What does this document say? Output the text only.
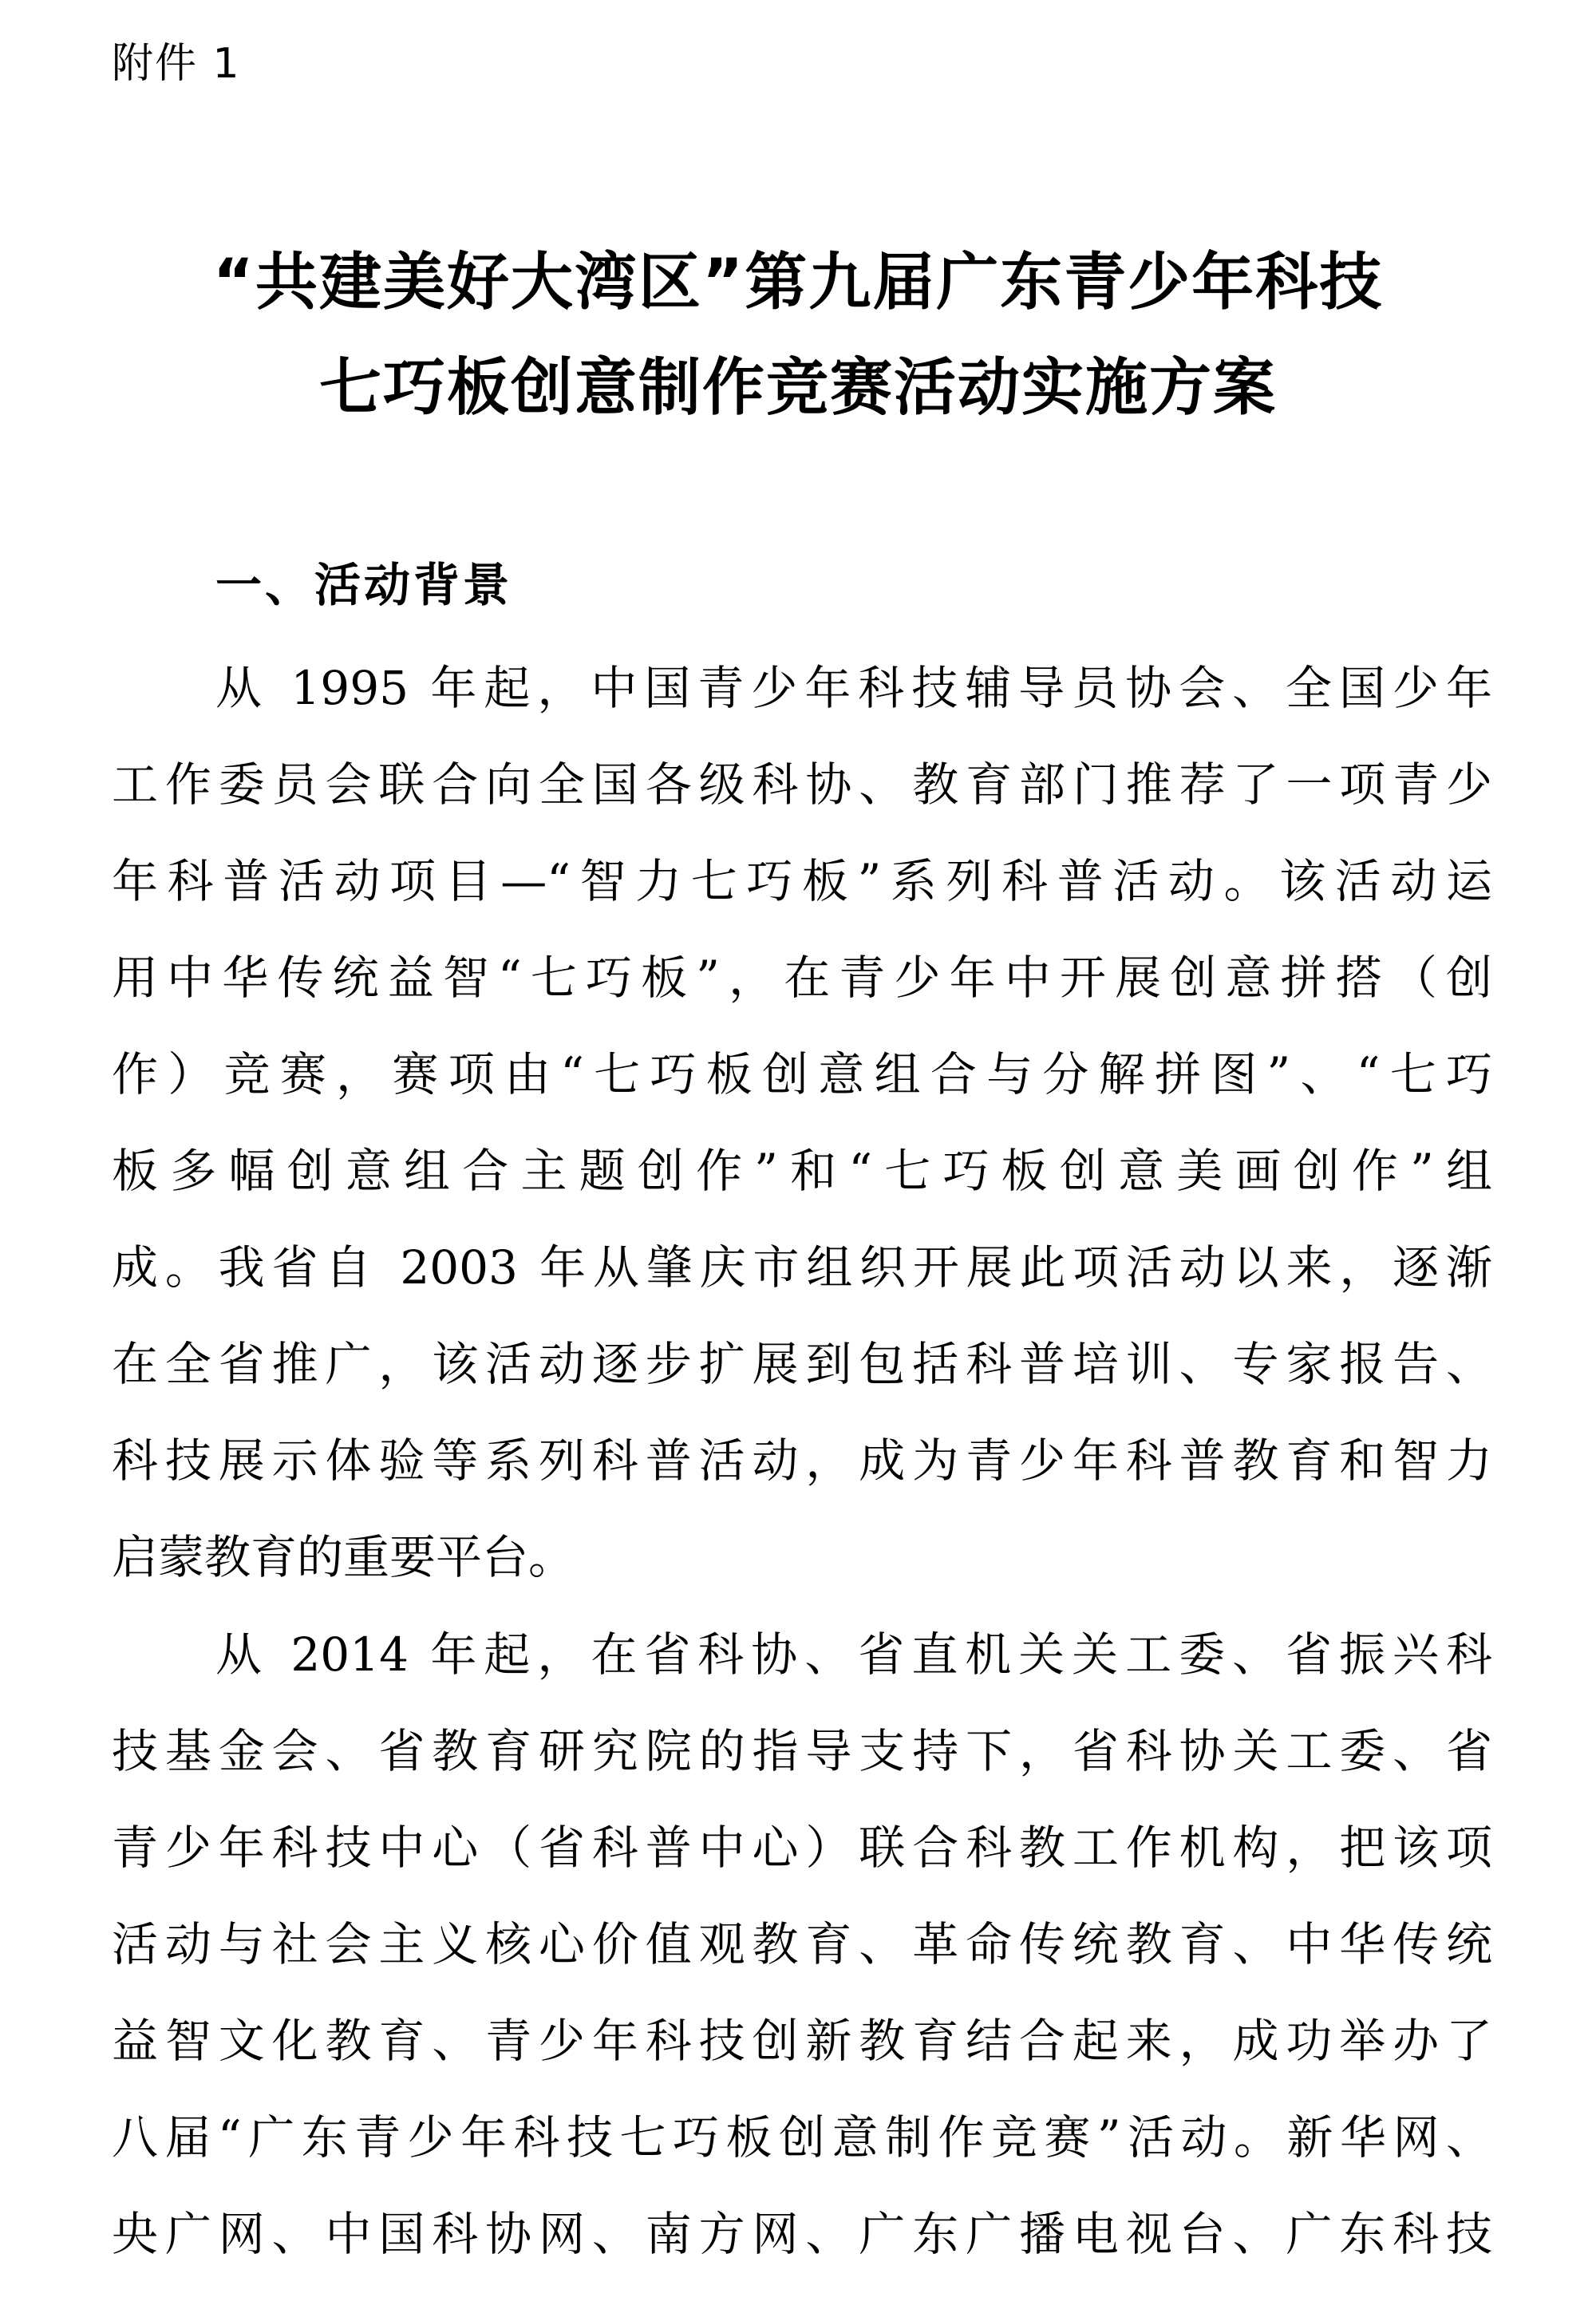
附件 1
“共建美好大湾区”第九届广东青少年科技
七巧板创意制作竞赛活动实施方案
一、活动背景
从 1995 年起，中国青少年科技辅导员协会、全国少年
工作委员会联合向全国各级科协、教育部门推荐了一项青少
年科普活动项目—“智力七巧板”系列科普活动。该活动运
用中华传统益智“七巧板”，在青少年中开展创意拼搭（创
作）竞赛，赛项由“七巧板创意组合与分解拼图”、“七巧
板多幅创意组合主题创作”和“七巧板创意美画创作”组
成。我省自 2003 年从肇庆市组织开展此项活动以来，逐渐
在全省推广，该活动逐步扩展到包括科普培训、专家报告、
科技展示体验等系列科普活动，成为青少年科普教育和智力
启蒙教育的重要平台。
从 2014 年起，在省科协、省直机关关工委、省振兴科
技基金会、省教育研究院的指导支持下，省科协关工委、省
青少年科技中心（省科普中心）联合科教工作机构，把该项
活动与社会主义核心价值观教育、革命传统教育、中华传统
益智文化教育、青少年科技创新教育结合起来，成功举办了
八届“广东青少年科技七巧板创意制作竞赛”活动。新华网、
央广网、中国科协网、南方网、广东广播电视台、广东科技
